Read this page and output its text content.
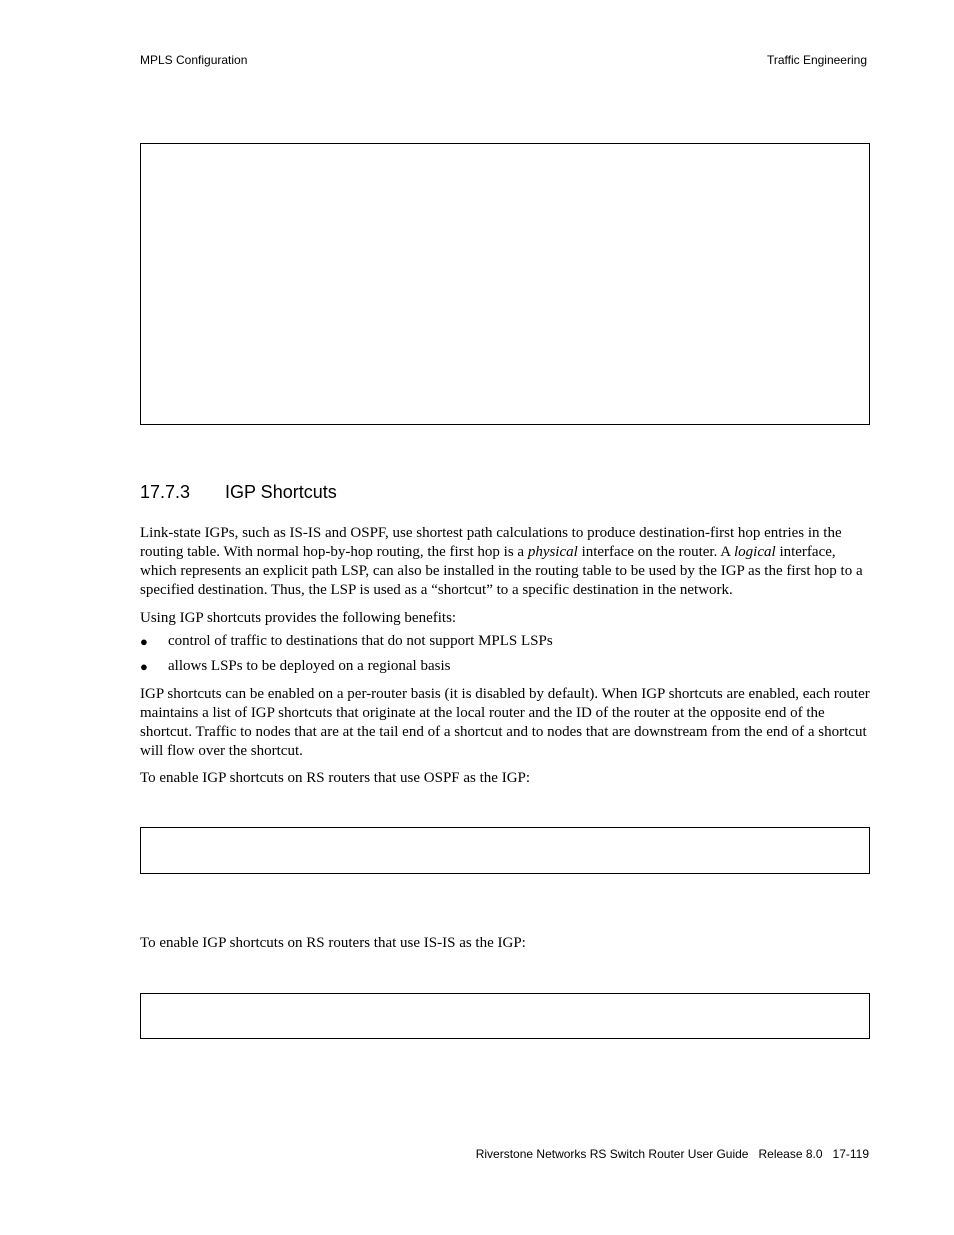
MPLS Configuration	Traffic Engineering
17.7.3 IGP Shortcuts
Link-state IGPs, such as IS-IS and OSPF, use shortest path calculations to produce destination-first hop entries in the routing table. With normal hop-by-hop routing, the first hop is a physical interface on the router. A logical interface, which represents an explicit path LSP, can also be installed in the routing table to be used by the IGP as the first hop to a specified destination. Thus, the LSP is used as a “shortcut” to a specific destination in the network.
Using IGP shortcuts provides the following benefits:
● control of traffic to destinations that do not support MPLS LSPs
● allows LSPs to be deployed on a regional basis
IGP shortcuts can be enabled on a per-router basis (it is disabled by default). When IGP shortcuts are enabled, each router maintains a list of IGP shortcuts that originate at the local router and the ID of the router at the opposite end of the shortcut. Traffic to nodes that are at the tail end of a shortcut and to nodes that are downstream from the end of a shortcut will flow over the shortcut.
To enable IGP shortcuts on RS routers that use OSPF as the IGP:
To enable IGP shortcuts on RS routers that use IS-IS as the IGP:
Riverstone Networks RS Switch Router User Guide   Release 8.0   17-119
